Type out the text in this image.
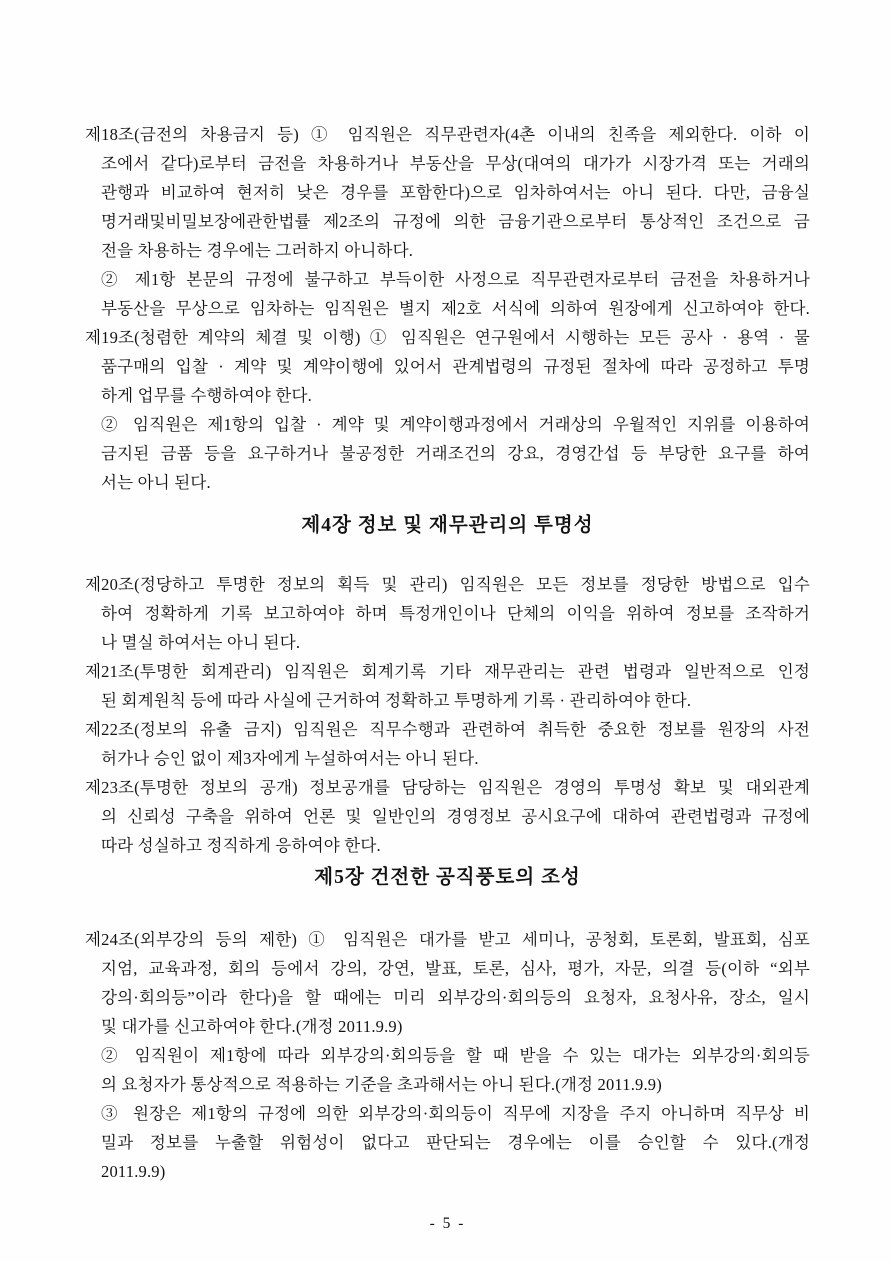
제18조(금전의 차용금지 등) ① 임직원은 직무관련자(4촌 이내의 친족을 제외한다. 이하 이

조에서 같다)로부터 금전을 차용하거나 부동산을 무상(대여의 대가가 시장가격 또는 거래의

관행과 비교하여 현저히 낮은 경우를 포함한다)으로 임차하여서는 아니 된다. 다만, 금융실

명거래및비밀보장에관한법률 제2조의 규정에 의한 금융기관으로부터 통상적인 조건으로 금

전을 차용하는 경우에는 그러하지 아니하다.

② 제1항 본문의 규정에 불구하고 부득이한 사정으로 직무관련자로부터 금전을 차용하거나

부동산을 무상으로 임차하는 임직원은 별지 제2호 서식에 의하여 원장에게 신고하여야 한다.

제19조(청렴한 계약의 체결 및 이행) ① 임직원은 연구원에서 시행하는 모든 공사 · 용역 · 물

품구매의 입찰 · 계약 및 계약이행에 있어서 관계법령의 규정된 절차에 따라 공정하고 투명

하게 업무를 수행하여야 한다.

② 임직원은 제1항의 입찰 · 계약 및 계약이행과정에서 거래상의 우월적인 지위를 이용하여

금지된 금품 등을 요구하거나 불공정한 거래조건의 강요, 경영간섭 등 부당한 요구를 하여

서는 아니 된다.

제4장 정보 및 재무관리의 투명성

제20조(정당하고 투명한 정보의 획득 및 관리) 임직원은 모든 정보를 정당한 방법으로 입수

하여 정확하게 기록 보고하여야 하며 특정개인이나 단체의 이익을 위하여 정보를 조작하거

나 멸실 하여서는 아니 된다.

제21조(투명한 회계관리) 임직원은 회계기록 기타 재무관리는 관련 법령과 일반적으로 인정

된 회계원칙 등에 따라 사실에 근거하여 정확하고 투명하게 기록 · 관리하여야 한다.

제22조(정보의 유출 금지) 임직원은 직무수행과 관련하여 취득한 중요한 정보를 원장의 사전

허가나 승인 없이 제3자에게 누설하여서는 아니 된다.

제23조(투명한 정보의 공개) 정보공개를 담당하는 임직원은 경영의 투명성 확보 및 대외관계

의 신뢰성 구축을 위하여 언론 및 일반인의 경영정보 공시요구에 대하여 관련법령과 규정에

따라 성실하고 정직하게 응하여야 한다.

제5장 건전한 공직풍토의 조성

제24조(외부강의 등의 제한) ① 임직원은 대가를 받고 세미나, 공청회, 토론회, 발표회, 심포

지엄, 교육과정, 회의 등에서 강의, 강연, 발표, 토론, 심사, 평가, 자문, 의결 등(이하 “외부

강의·회의등”이라 한다)을 할 때에는 미리 외부강의·회의등의 요청자, 요청사유, 장소, 일시

및 대가를 신고하여야 한다.(개정 2011.9.9)

② 임직원이 제1항에 따라 외부강의·회의등을 할 때 받을 수 있는 대가는 외부강의·회의등

의 요청자가 통상적으로 적용하는 기준을 초과해서는 아니 된다.(개정 2011.9.9)

③ 원장은 제1항의 규정에 의한 외부강의·회의등이 직무에 지장을 주지 아니하며 직무상 비

밀과 정보를 누출할 위험성이 없다고 판단되는 경우에는 이를 승인할 수 있다.(개정

2011.9.9)

- 5 -
